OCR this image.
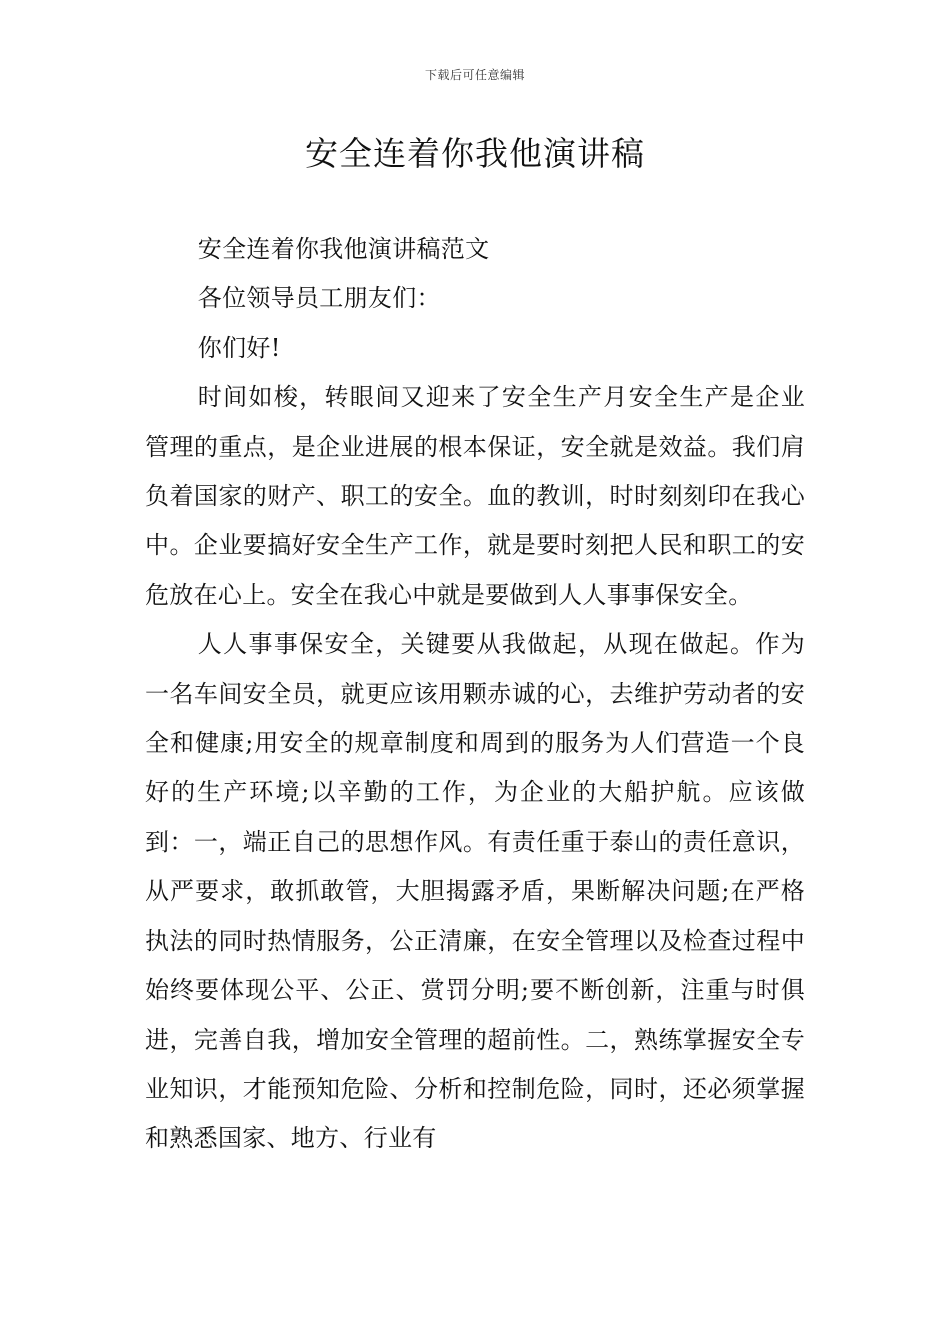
下载后可任意编辑
安全连着你我他演讲稿

安全连着你我他演讲稿范文

各位领导员工朋友们：

你们好!

时间如梭，转眼间又迎来了安全生产月安全生产是企业管理的重点，是企业进展的根本保证，安全就是效益。我们肩负着国家的财产、职工的安全。血的教训，时时刻刻印在我心中。企业要搞好安全生产工作，就是要时刻把人民和职工的安危放在心上。安全在我心中就是要做到人人事事保安全。

人人事事保安全，关键要从我做起，从现在做起。作为一名车间安全员，就更应该用颗赤诚的心，去维护劳动者的安全和健康;用安全的规章制度和周到的服务为人们营造一个良好的生产环境;以辛勤的工作，为企业的大船护航。应该做到：一，端正自己的思想作风。有责任重于泰山的责任意识，从严要求，敢抓敢管，大胆揭露矛盾，果断解决问题;在严格执法的同时热情服务，公正清廉，在安全管理以及检查过程中始终要体现公平、公正、赏罚分明;要不断创新，注重与时俱进，完善自我，增加安全管理的超前性。二，熟练掌握安全专业知识，才能预知危险、分析和控制危险，同时，还必须掌握和熟悉国家、地方、行业有
